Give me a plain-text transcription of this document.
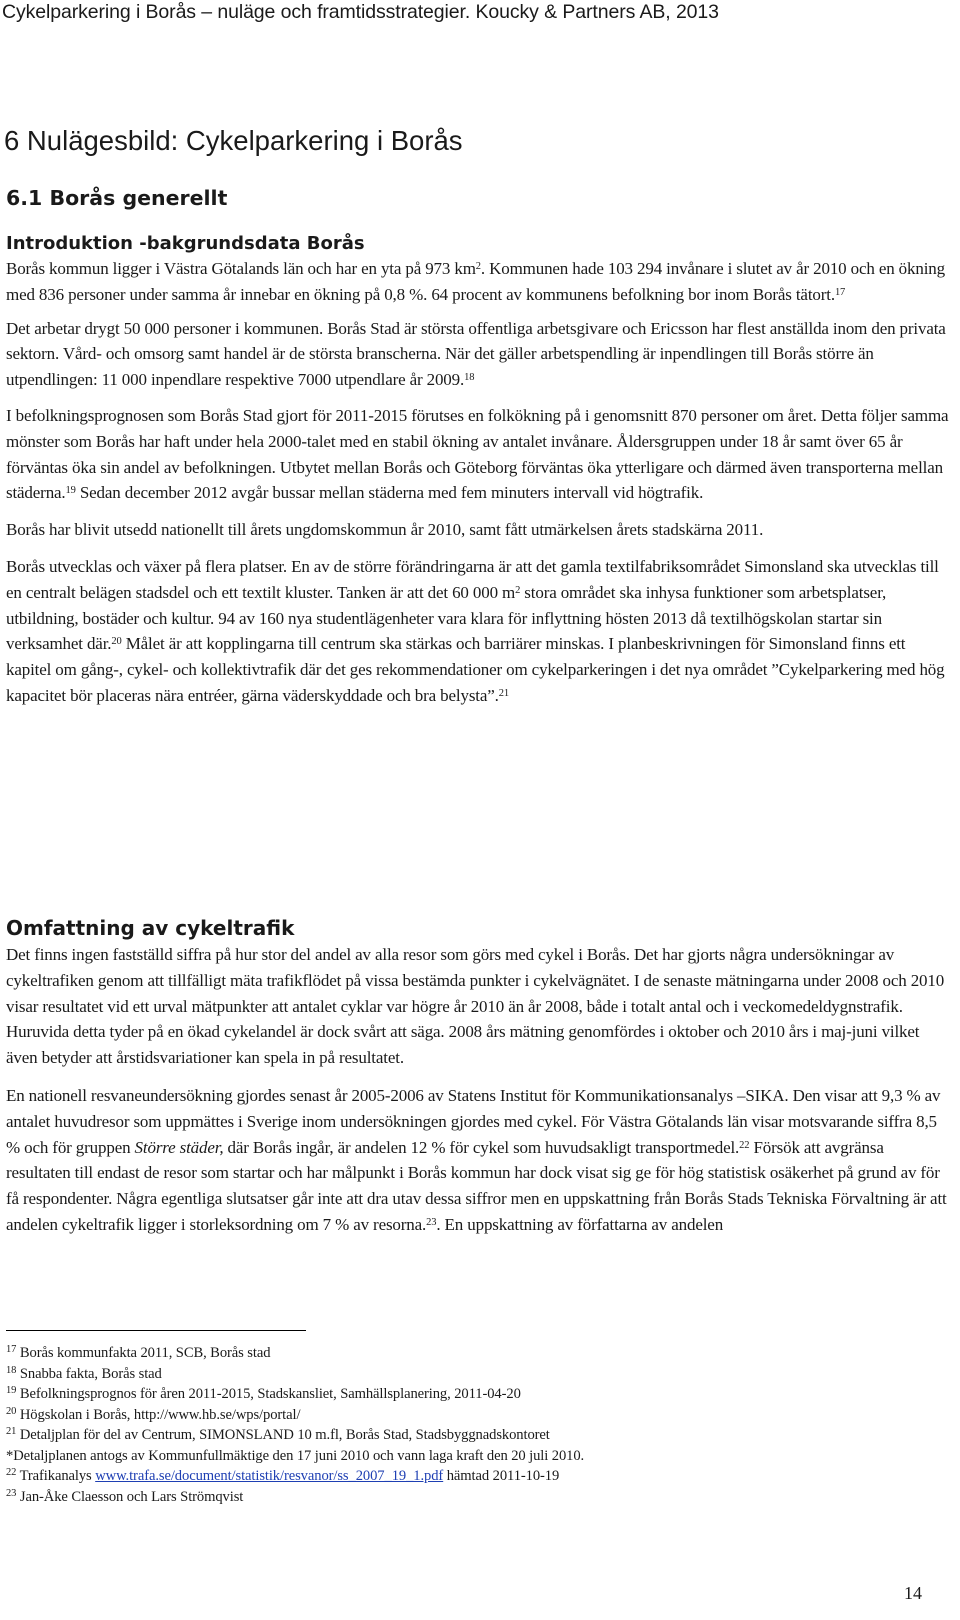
Cykelparkering i Borås – nuläge och framtidsstrategier. Koucky & Partners AB, 2013
6 Nulägesbild: Cykelparkering i Borås
6.1 Borås generellt
Introduktion -bakgrundsdata Borås

Borås kommun ligger i Västra Götalands län och har en yta på 973 $km^2$. Kommunen hade 103 294 invånare i slutet av år 2010 och en ökning med 836 personer under samma år innebar en ökning på 0,8 %. 64 procent av kommunens befolkning bor inom Borås tätort.$^{17}$

Det arbetar drygt 50 000 personer i kommunen. Borås Stad är största offentliga arbetsgivare och Ericsson har flest anställda inom den privata sektorn. Vård- och omsorg samt handel är de största branscherna. När det gäller arbetspendling är inpendlingen till Borås större än utpendlingen: 11 000 inpendlare respektive 7000 utpendlare år 2009.18

I befolkningsprognosen som Borås Stad gjort för 2011-2015 förutses en folkökning på i genomsnitt 870 personer om året. Detta följer samma mönster som Borås har haft under hela 2000-talet med en stabil ökning av antalet invånare. Åldersgruppen under 18 år samt över 65 år förväntas öka sin andel av befolkningen. Utbytet mellan Borås och Göteborg förväntas öka ytterligare och därmed även transporterna mellan städerna.$^{19}$ Sedan december 2012 avgår bussar mellan städerna med fem minuters intervall vid högtrafik.

Borås har blivit utsedd nationellt till årets ungdomskommun år 2010, samt fått utmärkelsen årets stadskärna 2011.

Borås utvecklas och växer på flera platser. En av de större förändringarna är att det gamla textilfabriksområdet Simonsland ska utvecklas till en centralt belägen stadsdel och ett textilt kluster. Tanken är att det 60 000 $m^2$ stora området ska inhysa funktioner som arbetsplatser, utbildning, bostäder och kultur. 94 av 160 nya studentlägenheter vara klara för inflyttning hösten 2013 då textilhögskolan startar sin verksamhet där.$^{20}$ Målet är att kopplingarna till centrum ska stärkas och barriärer minskas. I planbeskrivningen för Simonsland finns ett kapitel om gång-, cykel- och kollektivtrafik där det ges rekommendationer om cykelparkeringen i det nya området ”Cykelparkering med hög kapacitet bör placeras nära entréer, gärna väderskyddade och bra belysta”.$^{21}$

Omfattning av cykeltrafik

Det finns ingen fastställd siffra på hur stor del andel av alla resor som görs med cykel i Borås. Det har gjorts några undersökningar av cykeltrafiken genom att tillfälligt mäta trafikflödet på vissa bestämda punkter i cykelvägnätet. I de senaste mätningarna under 2008 och 2010 visar resultatet vid ett urval mätpunkter att antalet cyklar var högre år 2010 än år 2008, både i totalt antal och i veckomedeldygnstrafik. Huruvida detta tyder på en ökad cykelandel är dock svårt att säga. 2008 års mätning genomfördes i oktober och 2010 års i maj-juni vilket även betyder att årstidsvariationer kan spela in på resultatet.

En nationell resvaneundersökning gjordes senast år 2005-2006 av Statens Institut för Kommunikationsanalys –SIKA. Den visar att 9,3 % av antalet huvudresor som uppmättes i Sverige inom undersökningen gjordes med cykel. För Västra Götalands län visar motsvarande siffra 8,5 % och för gruppen Större städer, där Borås ingår, är andelen 12 % för cykel som huvudsakligt transportmedel.$^{22}$ Försök att avgränsa resultaten till endast de resor som startar och har målpunkt i Borås kommun har dock visat sig ge för hög statistisk osäkerhet på grund av för få respondenter. Några egentliga slutsatser går inte att dra utav dessa siffror men en uppskattning från Borås Stads Tekniska Förvaltning är att andelen cykeltrafik ligger i storleksordning om 7 % av resorna.$^{23}$. En uppskattning av författarna av andelen

$^{17}$ Borås kommunfakta 2011, SCB, Borås stad
$^{18}$ Snabba fakta, Borås stad
$^{19}$ Befolkningsprognos för åren 2011-2015, Stadskansliet, Samhällsplanering, 2011-04-20
$^{20}$ Högskolan i Borås, http://www.hb.se/wps/portal/
$^{21}$ Detaljplan för del av Centrum, SIMONSLAND 10 m.fl, Borås Stad, Stadsbyggnadskontoret
*Detaljplanen antogs av Kommunfullmäktige den 17 juni 2010 och vann laga kraft den 20 juli 2010.
$^{22}$ Trafikanalys www.trafa.se/document/statistik/resvanor/ss_2007_19_1.pdf hämtad 2011-10-19
$^{23}$ Jan-Åke Claesson och Lars Strömqvist
14
